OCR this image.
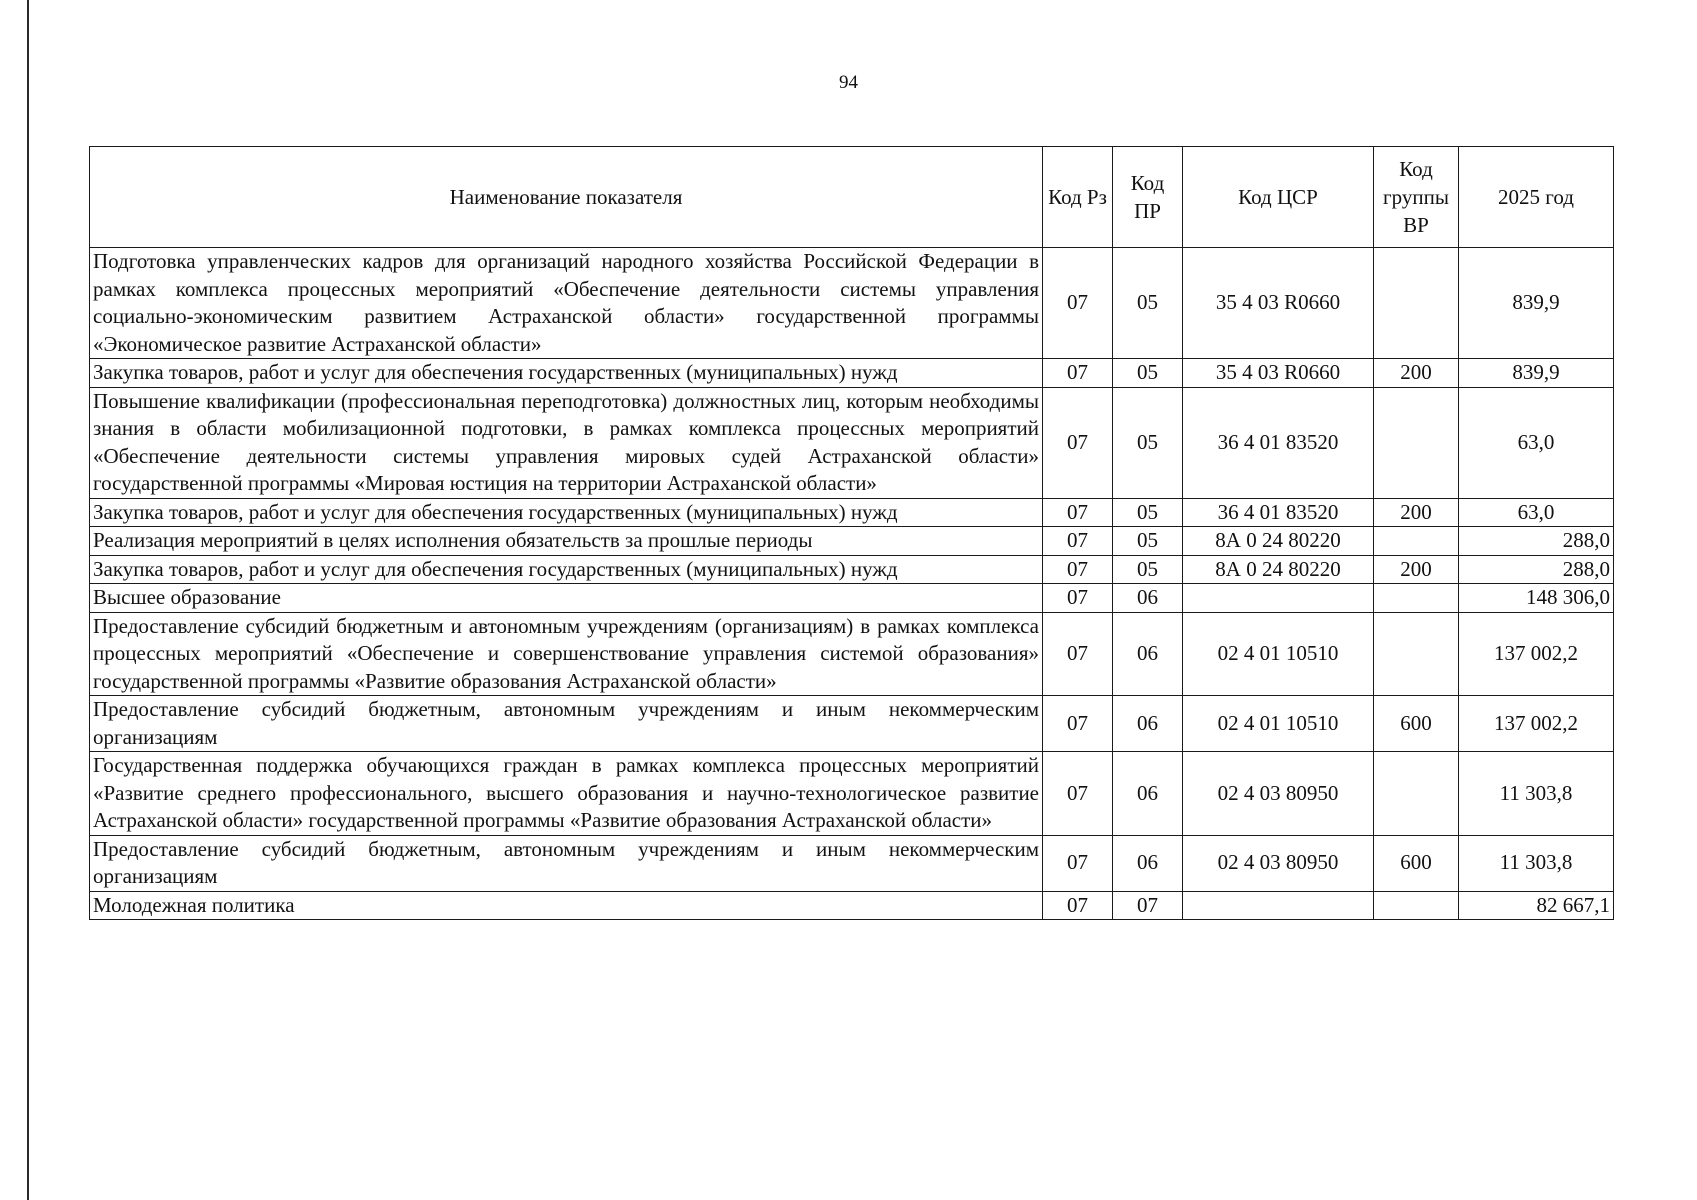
94
Наименование показателя	Код Рз	Код ПР	Код ЦСР	Код группы ВР	2025 год
Подготовка управленческих кадров для организаций народного хозяйства Российской Федерации в рамках комплекса процессных мероприятий «Обеспечение деятельности системы управления социально-экономическим развитием Астраханской области» государственной программы «Экономическое развитие Астраханской области»	07	05	35 4 03 R0660		839,9
Закупка товаров, работ и услуг для обеспечения государственных (муниципальных) нужд	07	05	35 4 03 R0660	200	839,9
Повышение квалификации (профессиональная переподготовка) должностных лиц, которым необходимы знания в области мобилизационной подготовки, в рамках комплекса процессных мероприятий «Обеспечение деятельности системы управления мировых судей Астраханской области» государственной программы «Мировая юстиция на территории Астраханской области»	07	05	36 4 01 83520		63,0
Закупка товаров, работ и услуг для обеспечения государственных (муниципальных) нужд	07	05	36 4 01 83520	200	63,0
Реализация мероприятий в целях исполнения обязательств за прошлые периоды	07	05	8А 0 24 80220		288,0
Закупка товаров, работ и услуг для обеспечения государственных (муниципальных) нужд	07	05	8А 0 24 80220	200	288,0
Высшее образование	07	06			148 306,0
Предоставление субсидий бюджетным и автономным учреждениям (организациям) в рамках комплекса процессных мероприятий «Обеспечение и совершенствование управления системой образования» государственной программы «Развитие образования Астраханской области»	07	06	02 4 01 10510		137 002,2
Предоставление субсидий бюджетным, автономным учреждениям и иным некоммерческим организациям	07	06	02 4 01 10510	600	137 002,2
Государственная поддержка обучающихся граждан в рамках комплекса процессных мероприятий «Развитие среднего профессионального, высшего образования и научно-технологическое развитие Астраханской области» государственной программы «Развитие образования Астраханской области»	07	06	02 4 03 80950		11 303,8
Предоставление субсидий бюджетным, автономным учреждениям и иным некоммерческим организациям	07	06	02 4 03 80950	600	11 303,8
Молодежная политика	07	07			82 667,1
